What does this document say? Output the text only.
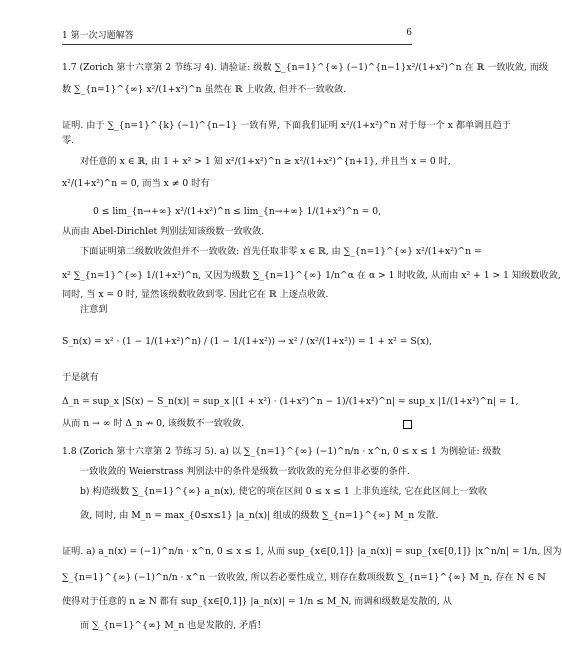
1 第一次习题解答	6
1.7 (Zorich 第十六章第 2 节练习 4). 请验证: 级数 ∑_{n=1}^{∞} (−1)^{n−1}x²/(1+x²)^n 在 ℝ 一致收敛, 而级
数 ∑_{n=1}^{∞} x²/(1+x²)^n 虽然在 ℝ 上收敛, 但并不一致收敛.
证明. 由于 ∑_{n=1}^{k} (−1)^{n−1} 一致有界, 下面我们证明 x²/(1+x²)^n 对于每一个 x 都单调且趋于
零.
对任意的 x ∈ ℝ, 由 1 + x² > 1 知 x²/(1+x²)^n ≥ x²/(1+x²)^{n+1}, 并且当 x = 0 时,
x²/(1+x²)^n = 0, 而当 x ≠ 0 时有
0 ≤ lim_{n→+∞} x²/(1+x²)^n ≤ lim_{n→+∞} 1/(1+x²)^n = 0,
从而由 Abel-Dirichlet 判别法知该级数一致收敛.
下面证明第二级数收敛但并不一致收敛: 首先任取非零 x ∈ ℝ, 由 ∑_{n=1}^{∞} x²/(1+x²)^n =
x² ∑_{n=1}^{∞} 1/(1+x²)^n, 又因为级数 ∑_{n=1}^{∞} 1/n^α 在 α > 1 时收敛, 从而由 x² + 1 > 1 知级数收敛,
同时, 当 x = 0 时, 显然该级数收敛到零. 因此它在 ℝ 上逐点收敛.
注意到
S_n(x) = x² · (1 − 1/(1+x²)^n) / (1 − 1/(1+x²)) → x² / (x²/(1+x²)) = 1 + x² = S(x),
于是就有
Δ_n = sup_x |S(x) − S_n(x)| = sup_x |(1 + x²) · (1+x²)^n − 1)/(1+x²)^n| = sup_x |1/(1+x²)^n| = 1,
从而 n → ∞ 时 Δ_n ↛ 0, 该级数不一致收敛.
1.8 (Zorich 第十六章第 2 节练习 5). a) 以 ∑_{n=1}^{∞} (−1)^n/n · x^n, 0 ≤ x ≤ 1 为例验证: 级数
一致收敛的 Weierstrass 判别法中的条件是级数一致收敛的充分但非必要的条件.
b) 构造级数 ∑_{n=1}^{∞} a_n(x), 使它的项在区间 0 ≤ x ≤ 1 上非负连续, 它在此区间上一致收
敛, 同时, 由 M_n = max_{0≤x≤1} |a_n(x)| 组成的级数 ∑_{n=1}^{∞} M_n 发散.
证明. a) a_n(x) = (−1)^n/n · x^n, 0 ≤ x ≤ 1, 从而 sup_{x∈[0,1]} |a_n(x)| = sup_{x∈[0,1]} |x^n/n| = 1/n, 因为
∑_{n=1}^{∞} (−1)^n/n · x^n 一致收敛, 所以若必要性成立, 则存在数项级数 ∑_{n=1}^{∞} M_n, 存在 N ∈ ℕ
使得对于任意的 n ≥ N 都有 sup_{x∈[0,1]} |a_n(x)| = 1/n ≤ M_N, 而调和级数是发散的, 从
而 ∑_{n=1}^{∞} M_n 也是发散的, 矛盾!
